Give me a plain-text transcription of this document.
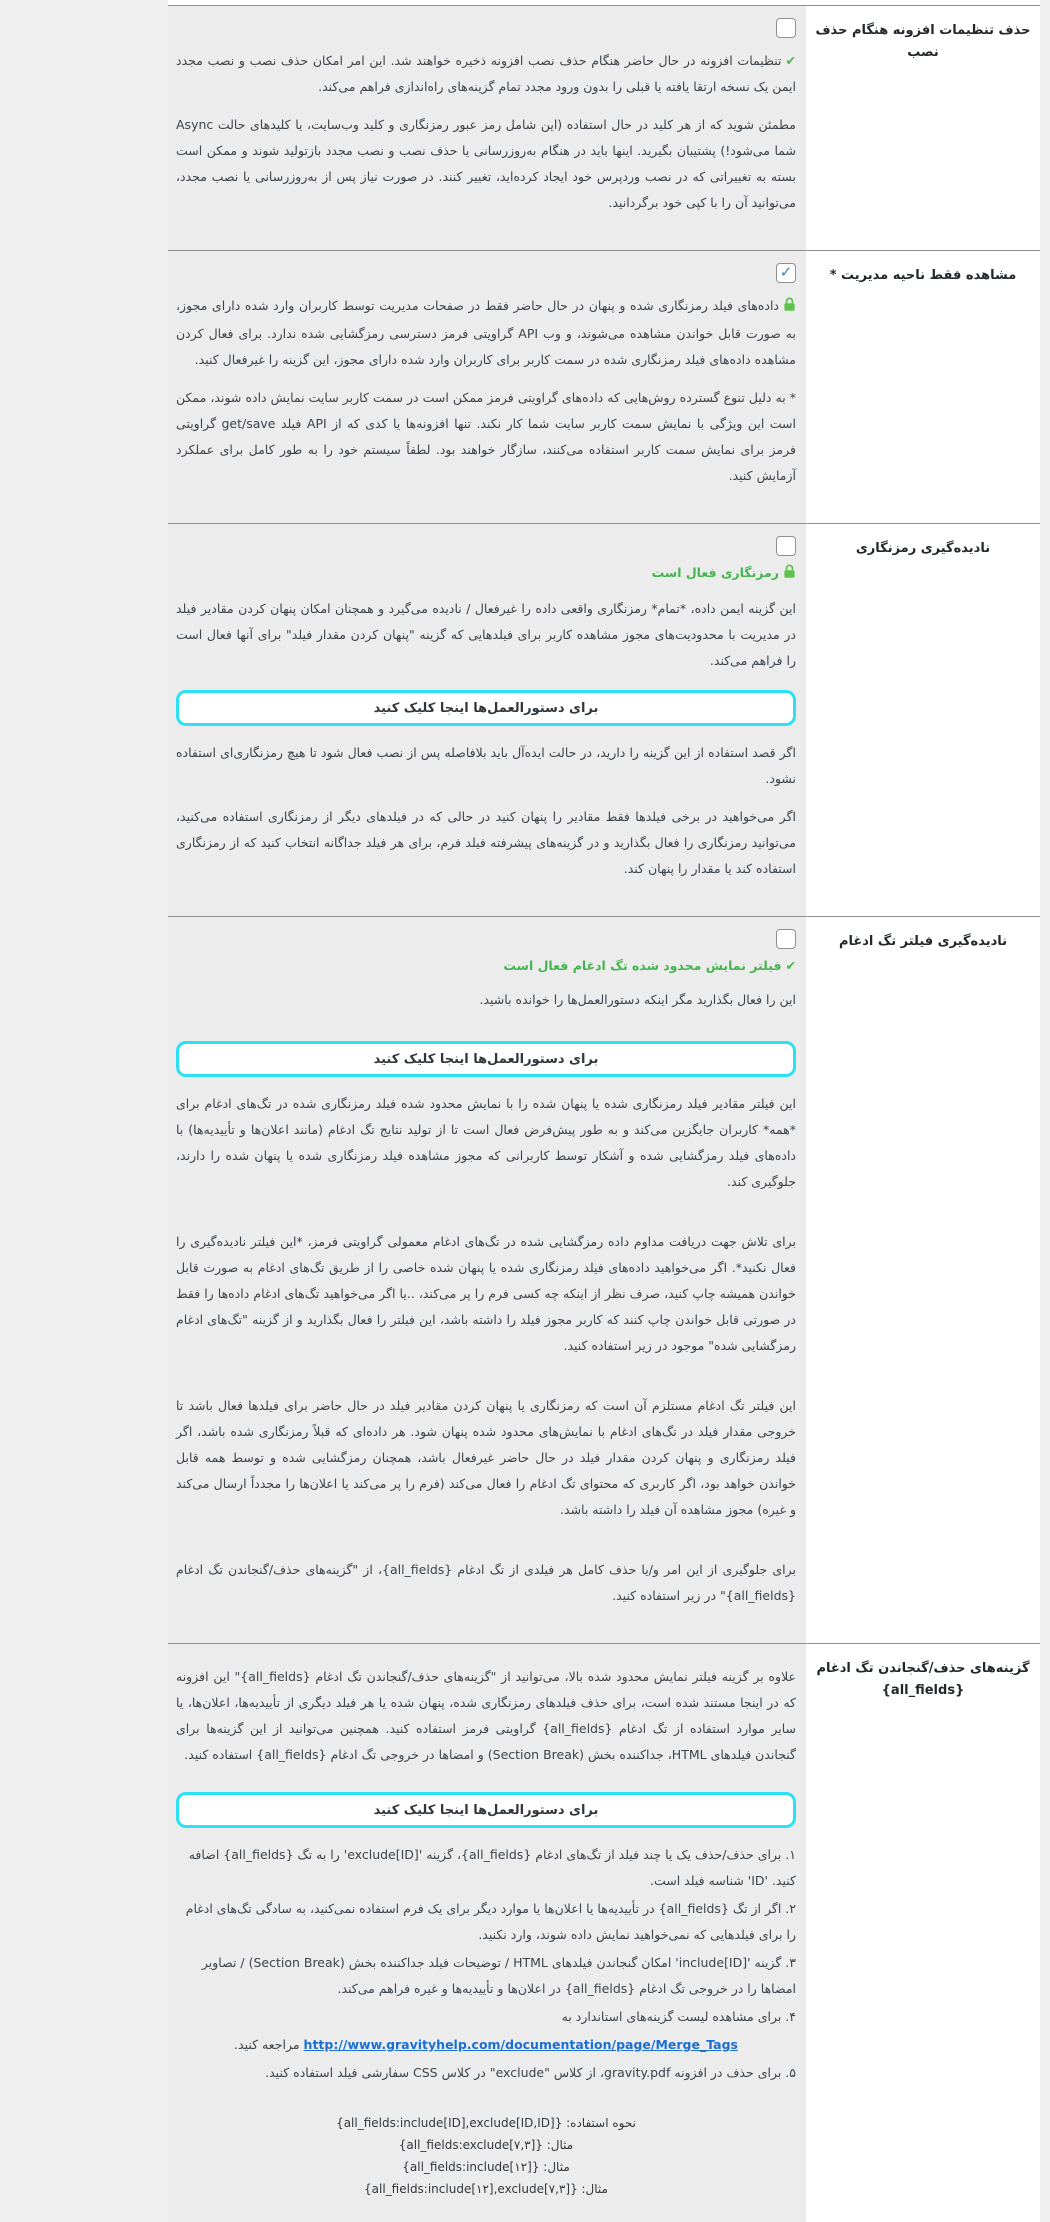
حذف تنظیمات افزونه هنگام حذف نصب

✔تنظیمات افزونه در حال حاضر هنگام حذف نصب افزونه ذخیره خواهند شد. این امر امکان حذف نصب و نصب مجدد ایمن یک نسخه ارتقا یافته یا قبلی را بدون ورود مجدد تمام گزینه‌های راه‌اندازی فراهم می‌کند.

مطمئن شوید که از هر کلید در حال استفاده (این شامل رمز عبور رمزنگاری و کلید وب‌سایت، یا کلیدهای حالت Async شما می‌شود!) پشتیبان بگیرید. اینها باید در هنگام به‌روزرسانی یا حذف نصب و نصب مجدد بازتولید شوند و ممکن است بسته به تغییراتی که در نصب وردپرس خود ایجاد کرده‌اید، تغییر کنند. در صورت نیاز پس از به‌روزرسانی یا نصب مجدد، می‌توانید آن را با کپی خود برگردانید.

مشاهده فقط ناحیه مدیریت *
✓

داده‌های فیلد رمزنگاری شده و پنهان در حال حاضر فقط در صفحات مدیریت توسط کاربران وارد شده دارای مجوز، به صورت قابل خواندن مشاهده می‌شوند، و وب API گراویتی فرمز دسترسی رمزگشایی شده ندارد. برای فعال کردن مشاهده داده‌های فیلد رمزنگاری شده در سمت کاربر برای کاربران وارد شده دارای مجوز، این گزینه را غیرفعال کنید.

* به دلیل تنوع گسترده روش‌هایی که داده‌های گراویتی فرمز ممکن است در سمت کاربر سایت نمایش داده شوند، ممکن است این ویژگی با نمایش سمت کاربر سایت شما کار نکند. تنها افزونه‌ها یا کدی که از API فیلد get/save گراویتی فرمز برای نمایش سمت کاربر استفاده می‌کنند، سازگار خواهند بود. لطفاً سیستم خود را به طور کامل برای عملکرد آزمایش کنید.

نادیده‌گیری رمزنگاری
رمزنگاری فعال است

این گزینه ایمن داده، *تمام* رمزنگاری واقعی داده را غیرفعال / نادیده می‌گیرد و همچنان امکان پنهان کردن مقادیر فیلد در مدیریت با محدودیت‌های مجوز مشاهده کاربر برای فیلدهایی که گزینه "پنهان کردن مقدار فیلد" برای آنها فعال است را فراهم می‌کند.

برای دستورالعمل‌ها اینجا کلیک کنید

اگر قصد استفاده از این گزینه را دارید، در حالت ایده‌آل باید بلافاصله پس از نصب فعال شود تا هیچ رمزنگاری‌ای استفاده نشود.

اگر می‌خواهید در برخی فیلدها فقط مقادیر را پنهان کنید در حالی که در فیلدهای دیگر از رمزنگاری استفاده می‌کنید، می‌توانید رمزنگاری را فعال بگذارید و در گزینه‌های پیشرفته فیلد فرم، برای هر فیلد جداگانه انتخاب کنید که از رمزنگاری استفاده کند یا مقدار را پنهان کند.

نادیده‌گیری فیلتر تگ ادغام
✔فیلتر نمایش محدود شده تگ ادغام فعال است

این را فعال بگذارید مگر اینکه دستورالعمل‌ها را خوانده باشید.

برای دستورالعمل‌ها اینجا کلیک کنید

این فیلتر مقادیر فیلد رمزنگاری شده یا پنهان شده را با نمایش محدود شده فیلد رمزنگاری شده در تگ‌های ادغام برای *همه* کاربران جایگزین می‌کند و به طور پیش‌فرض فعال است تا از تولید نتایج تگ ادغام (مانند اعلان‌ها و تأییدیه‌ها) با داده‌های فیلد رمزگشایی شده و آشکار توسط کاربرانی که مجوز مشاهده فیلد رمزنگاری شده یا پنهان شده را دارند، جلوگیری کند.

برای تلاش جهت دریافت مداوم داده رمزگشایی شده در تگ‌های ادغام معمولی گراویتی فرمز، *این فیلتر نادیده‌گیری را فعال نکنید*. اگر می‌خواهید داده‌های فیلد رمزنگاری شده یا پنهان شده خاصی را از طریق تگ‌های ادغام به صورت قابل خواندن همیشه چاپ کنید، صرف نظر از اینکه چه کسی فرم را پر می‌کند، ..یا اگر می‌خواهید تگ‌های ادغام داده‌ها را فقط در صورتی قابل خواندن چاپ کنند که کاربر مجوز فیلد را داشته باشد، این فیلتر را فعال بگذارید و از گزینه "تگ‌های ادغام رمزگشایی شده" موجود در زیر استفاده کنید.

این فیلتر تگ ادغام مستلزم آن است که رمزنگاری یا پنهان کردن مقادیر فیلد در حال حاضر برای فیلدها فعال باشد تا خروجی مقدار فیلد در تگ‌های ادغام با نمایش‌های محدود شده پنهان شود. هر داده‌ای که قبلاً رمزنگاری شده باشد، اگر فیلد رمزنگاری و پنهان کردن مقدار فیلد در حال حاضر غیرفعال باشد، همچنان رمزگشایی شده و توسط همه قابل خواندن خواهد بود، اگر کاربری که محتوای تگ ادغام را فعال می‌کند (فرم را پر می‌کند یا اعلان‌ها را مجدداً ارسال می‌کند و غیره) مجوز مشاهده آن فیلد را داشته باشد.

برای جلوگیری از این امر و/یا حذف کامل هر فیلدی از تگ ادغام {all_fields}، از "گزینه‌های حذف/گنجاندن تگ ادغام {all_fields}" در زیر استفاده کنید.

گزینه‌های حذف/گنجاندن تگ ادغام
{all_fields}

علاوه بر گزینه فیلتر نمایش محدود شده بالا، می‌توانید از "گزینه‌های حذف/گنجاندن تگ ادغام {all_fields}" این افزونه که در اینجا مستند شده است، برای حذف فیلدهای رمزنگاری شده، پنهان شده یا هر فیلد دیگری از تأییدیه‌ها، اعلان‌ها، یا سایر موارد استفاده از تگ ادغام {all_fields} گراویتی فرمز استفاده کنید. همچنین می‌توانید از این گزینه‌ها برای گنجاندن فیلدهای HTML، جداکننده بخش (Section Break) و امضاها در خروجی تگ ادغام {all_fields} استفاده کنید.

برای دستورالعمل‌ها اینجا کلیک کنید
۱. برای حذف/حذف یک یا چند فیلد از تگ‌های ادغام {all_fields}، گزینه 'exclude[ID]' را به تگ {all_fields} اضافه کنید. 'ID' شناسه فیلد است.
۲. اگر از تگ {all_fields} در تأییدیه‌ها یا اعلان‌ها یا موارد دیگر برای یک فرم استفاده نمی‌کنید، به سادگی تگ‌های ادغام را برای فیلدهایی که نمی‌خواهید نمایش داده شوند، وارد نکنید.
۳. گزینه 'include[ID]' امکان گنجاندن فیلدهای HTML / توضیحات فیلد جداکننده بخش (Section Break) / تصاویر امضاها را در خروجی تگ ادغام {all_fields} در اعلان‌ها و تأییدیه‌ها و غیره فراهم می‌کند.
۴. برای مشاهده لیست گزینه‌های استاندارد به
http://www.gravityhelp.com/documentation/page/Merge_Tags مراجعه کنید.
۵. برای حذف در افزونه gravity.pdf، از کلاس "exclude" در کلاس CSS سفارشی فیلد استفاده کنید.
نحوه استفاده: {all_fields:include[ID],exclude[ID,ID]}
مثال: {all_fields:exclude[۷,۳]}
مثال: {all_fields:include[۱۲]}
مثال: {all_fields:include[۱۲],exclude[۷,۳]}
